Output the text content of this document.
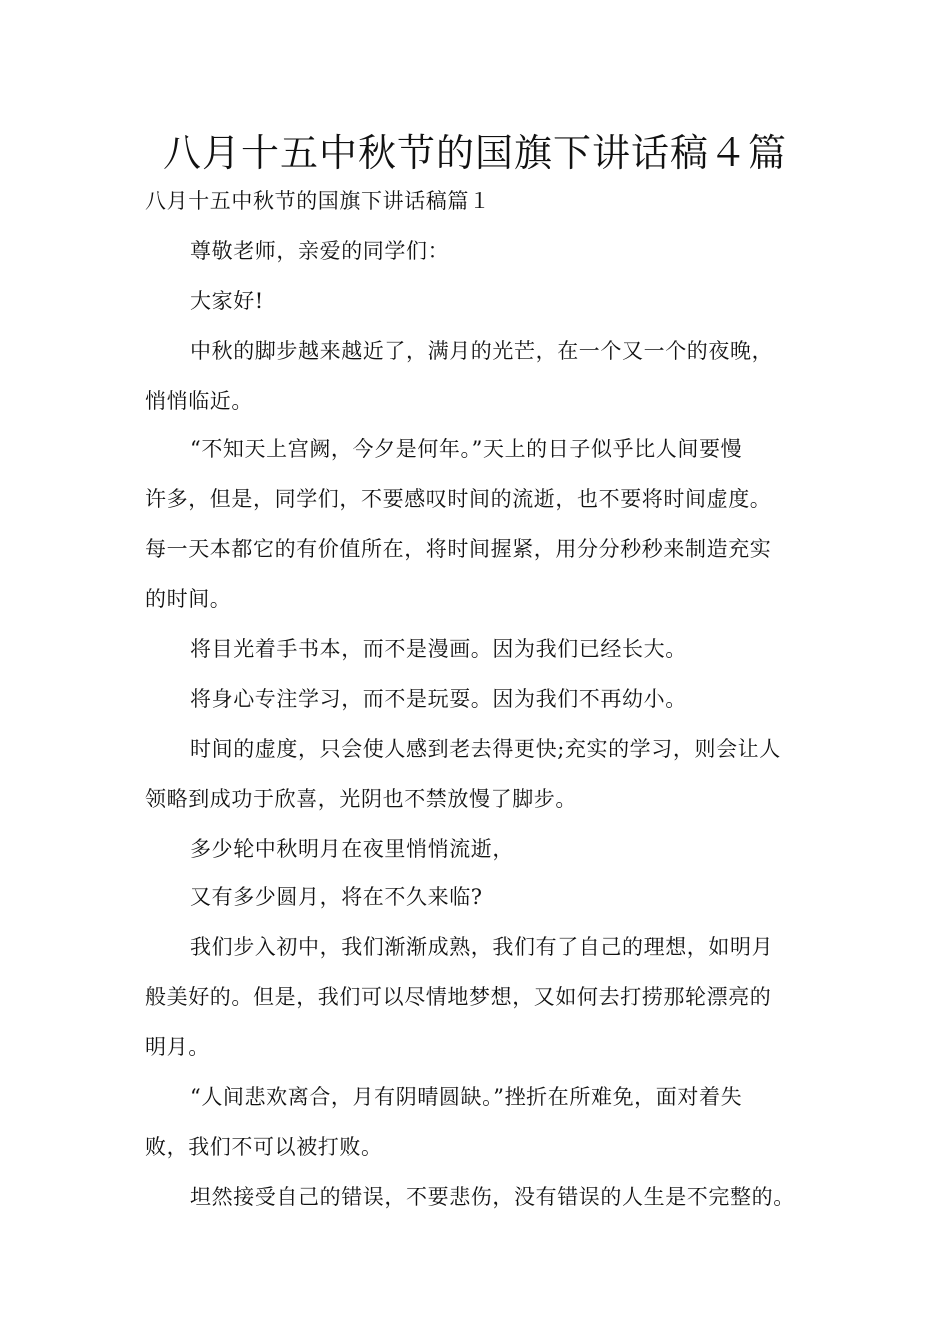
八月十五中秋节的国旗下讲话稿４篇
八月十五中秋节的国旗下讲话稿篇１
尊敬老师，亲爱的同学们：
大家好!
中秋的脚步越来越近了，满月的光芒，在一个又一个的夜晚，
悄悄临近。
“不知天上宫阙，今夕是何年。”天上的日子似乎比人间要慢
许多，但是，同学们，不要感叹时间的流逝，也不要将时间虚度。
每一天本都它的有价值所在，将时间握紧，用分分秒秒来制造充实
的时间。
将目光着手书本，而不是漫画。因为我们已经长大。
将身心专注学习，而不是玩耍。因为我们不再幼小。
时间的虚度，只会使人感到老去得更快;充实的学习，则会让人
领略到成功于欣喜，光阴也不禁放慢了脚步。
多少轮中秋明月在夜里悄悄流逝，
又有多少圆月，将在不久来临?
我们步入初中，我们渐渐成熟，我们有了自己的理想，如明月
般美好的。但是，我们可以尽情地梦想，又如何去打捞那轮漂亮的
明月。
“人间悲欢离合，月有阴晴圆缺。”挫折在所难免，面对着失
败，我们不可以被打败。
坦然接受自己的错误，不要悲伤，没有错误的人生是不完整的。
